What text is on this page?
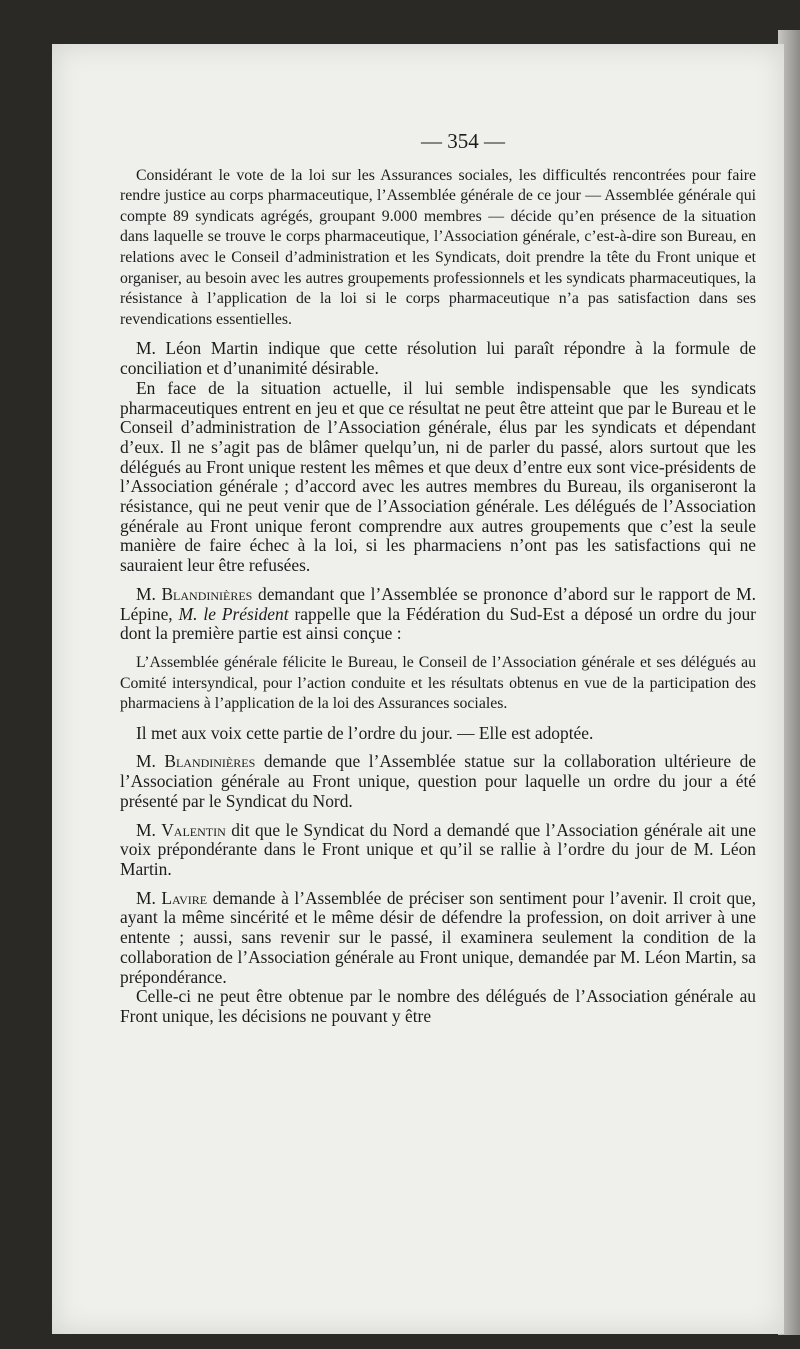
— 354 —

Considérant le vote de la loi sur les Assurances sociales, les difficultés rencontrées pour faire rendre justice au corps pharmaceutique, l’Assemblée générale de ce jour — Assemblée générale qui compte 89 syndicats agrégés, groupant 9.000 membres — décide qu’en présence de la situation dans laquelle se trouve le corps pharmaceutique, l’Association générale, c’est-à-dire son Bureau, en relations avec le Conseil d’administration et les Syndicats, doit prendre la tête du Front unique et organiser, au besoin avec les autres groupements professionnels et les syndicats pharmaceutiques, la résistance à l’application de la loi si le corps pharmaceutique n’a pas satisfaction dans ses revendications essentielles.

M. Léon Martin indique que cette résolution lui paraît répondre à la formule de conciliation et d’unanimité désirable.

En face de la situation actuelle, il lui semble indispensable que les syndicats pharmaceutiques entrent en jeu et que ce résultat ne peut être atteint que par le Bureau et le Conseil d’administration de l’Association générale, élus par les syndicats et dépendant d’eux. Il ne s’agit pas de blâmer quelqu’un, ni de parler du passé, alors surtout que les délégués au Front unique restent les mêmes et que deux d’entre eux sont vice-présidents de l’Association générale ; d’accord avec les autres membres du Bureau, ils organiseront la résistance, qui ne peut venir que de l’Association générale. Les délégués de l’Association générale au Front unique feront comprendre aux autres groupements que c’est la seule manière de faire échec à la loi, si les pharmaciens n’ont pas les satisfactions qui ne sauraient leur être refusées.

M. Blandinières demandant que l’Assemblée se prononce d’abord sur le rapport de M. Lépine, M. le Président rappelle que la Fédération du Sud-Est a déposé un ordre du jour dont la première partie est ainsi conçue :

L’Assemblée générale félicite le Bureau, le Conseil de l’Association générale et ses délégués au Comité intersyndical, pour l’action conduite et les résultats obtenus en vue de la participation des pharmaciens à l’application de la loi des Assurances sociales.

Il met aux voix cette partie de l’ordre du jour. — Elle est adoptée.

M. Blandinières demande que l’Assemblée statue sur la collaboration ultérieure de l’Association générale au Front unique, question pour laquelle un ordre du jour a été présenté par le Syndicat du Nord.

M. Valentin dit que le Syndicat du Nord a demandé que l’Association générale ait une voix prépondérante dans le Front unique et qu’il se rallie à l’ordre du jour de M. Léon Martin.

M. Lavire demande à l’Assemblée de préciser son sentiment pour l’avenir. Il croit que, ayant la même sincérité et le même désir de défendre la profession, on doit arriver à une entente ; aussi, sans revenir sur le passé, il examinera seulement la condition de la collaboration de l’Association générale au Front unique, demandée par M. Léon Martin, sa prépondérance.

Celle-ci ne peut être obtenue par le nombre des délégués de l’Association générale au Front unique, les décisions ne pouvant y être
